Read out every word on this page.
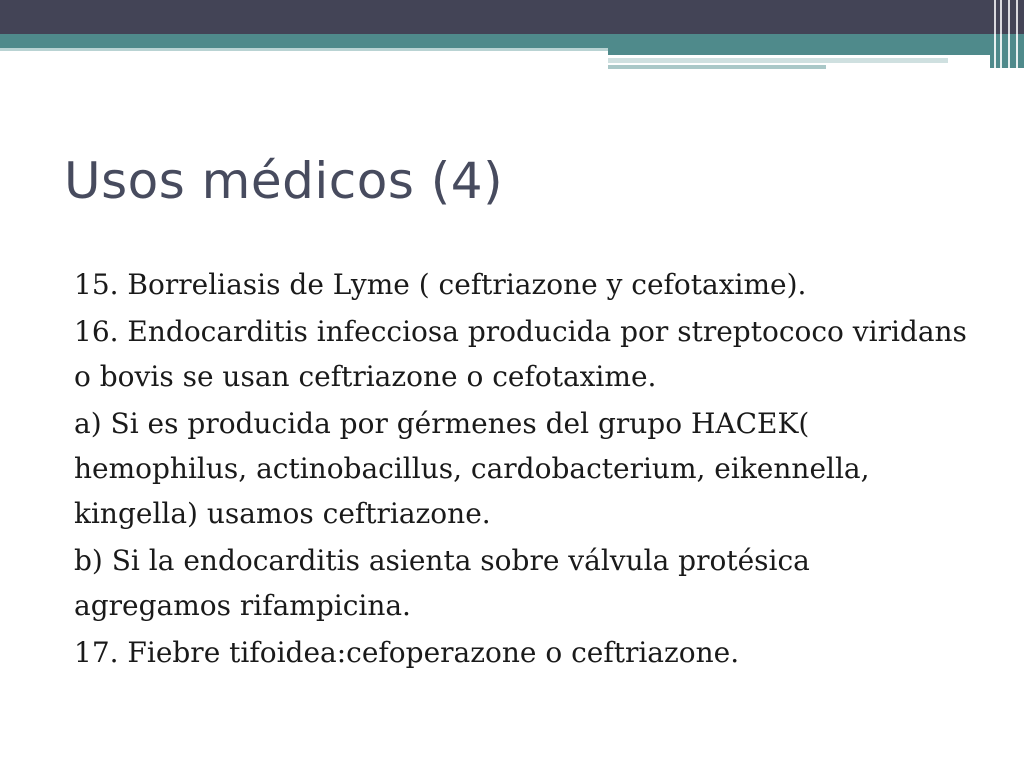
Usos médicos (4)
15. Borreliasis de Lyme ( ceftriazone y cefotaxime).
16. Endocarditis infecciosa producida por streptococo viridans o bovis se usan ceftriazone o cefotaxime.
a) Si es producida por gérmenes del grupo HACEK( hemophilus, actinobacillus, cardobacterium, eikennella, kingella) usamos ceftriazone.
b) Si la endocarditis asienta sobre válvula protésica agregamos rifampicina.
17. Fiebre tifoidea:cefoperazone o ceftriazone.
